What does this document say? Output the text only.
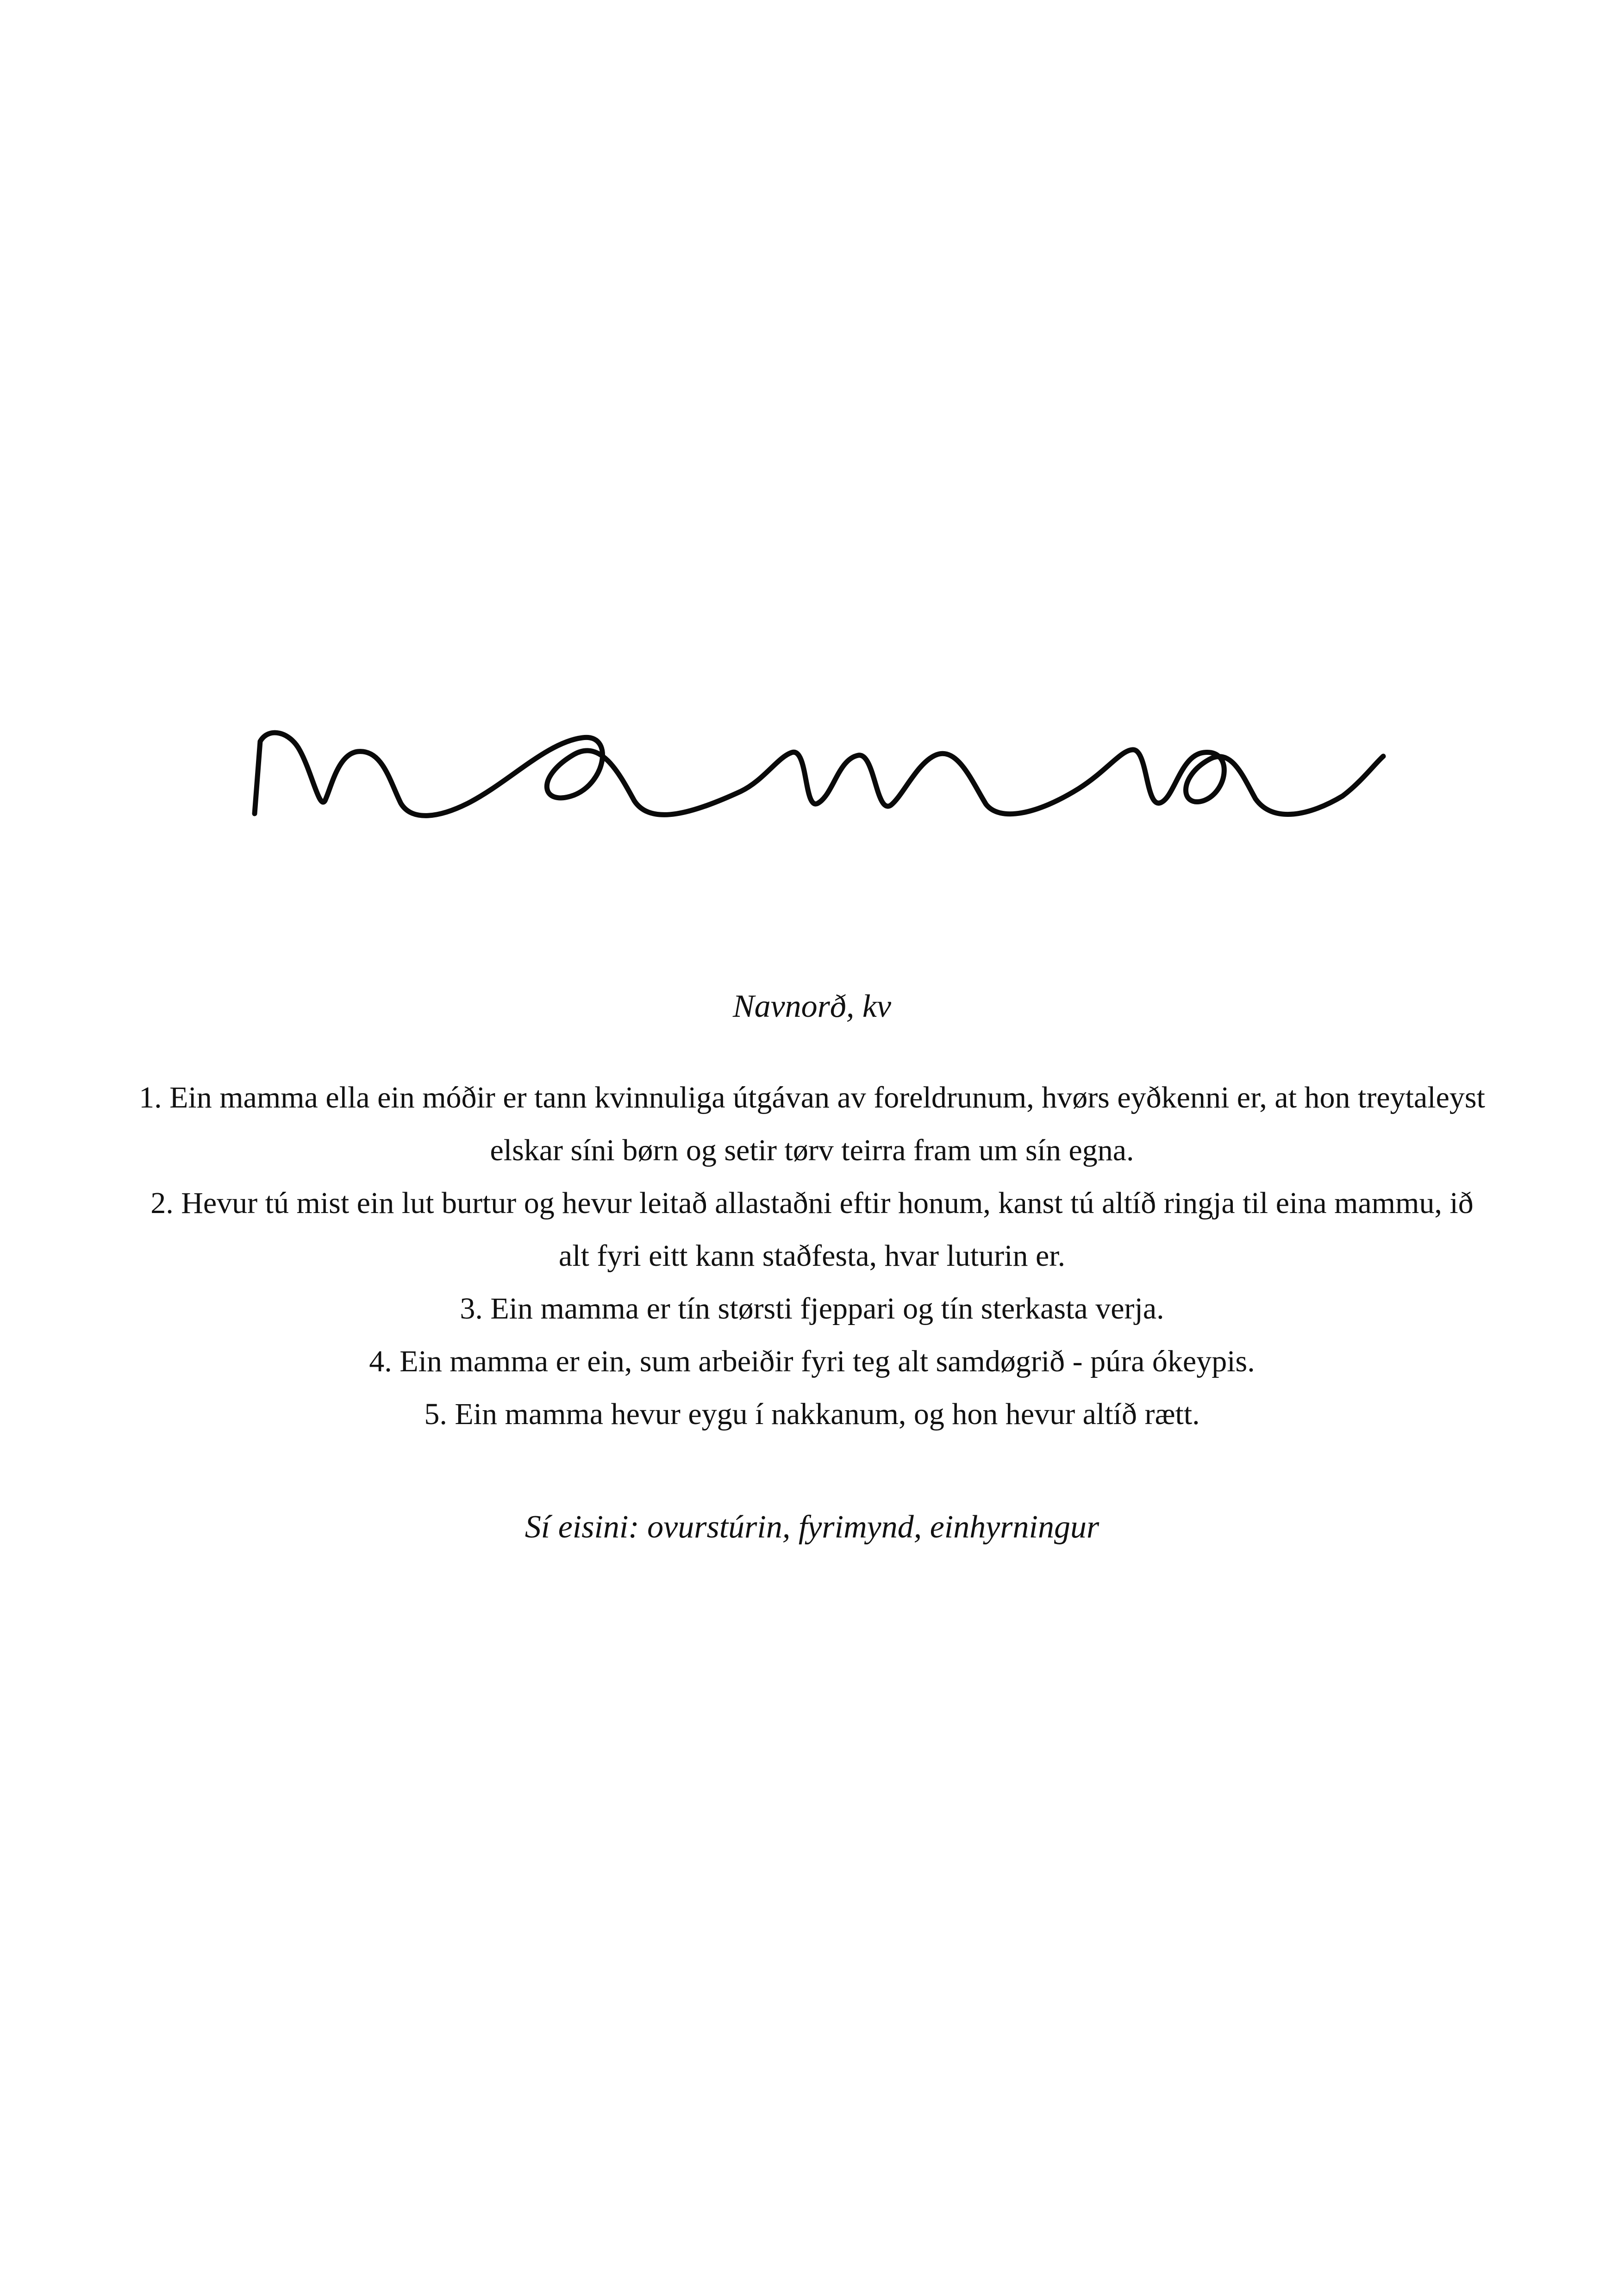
Navnorð, kv
1. Ein mamma ella ein móðir er tann kvinnuliga útgávan av foreldrunum, hvørs eyðkenni er, at hon treytaleyst elskar síni børn og setir tørv teirra fram um sín egna.
2. Hevur tú mist ein lut burtur og hevur leitað allastaðni eftir honum, kanst tú altíð ringja til eina mammu, ið alt fyri eitt kann staðfesta, hvar luturin er.
3. Ein mamma er tín størsti fjeppari og tín sterkasta verja.
4. Ein mamma er ein, sum arbeiðir fyri teg alt samdøgrið - púra ókeypis.
5. Ein mamma hevur eygu í nakkanum, og hon hevur altíð rætt.
Sí eisini: ovurstúrin, fyrimynd, einhyrningur
